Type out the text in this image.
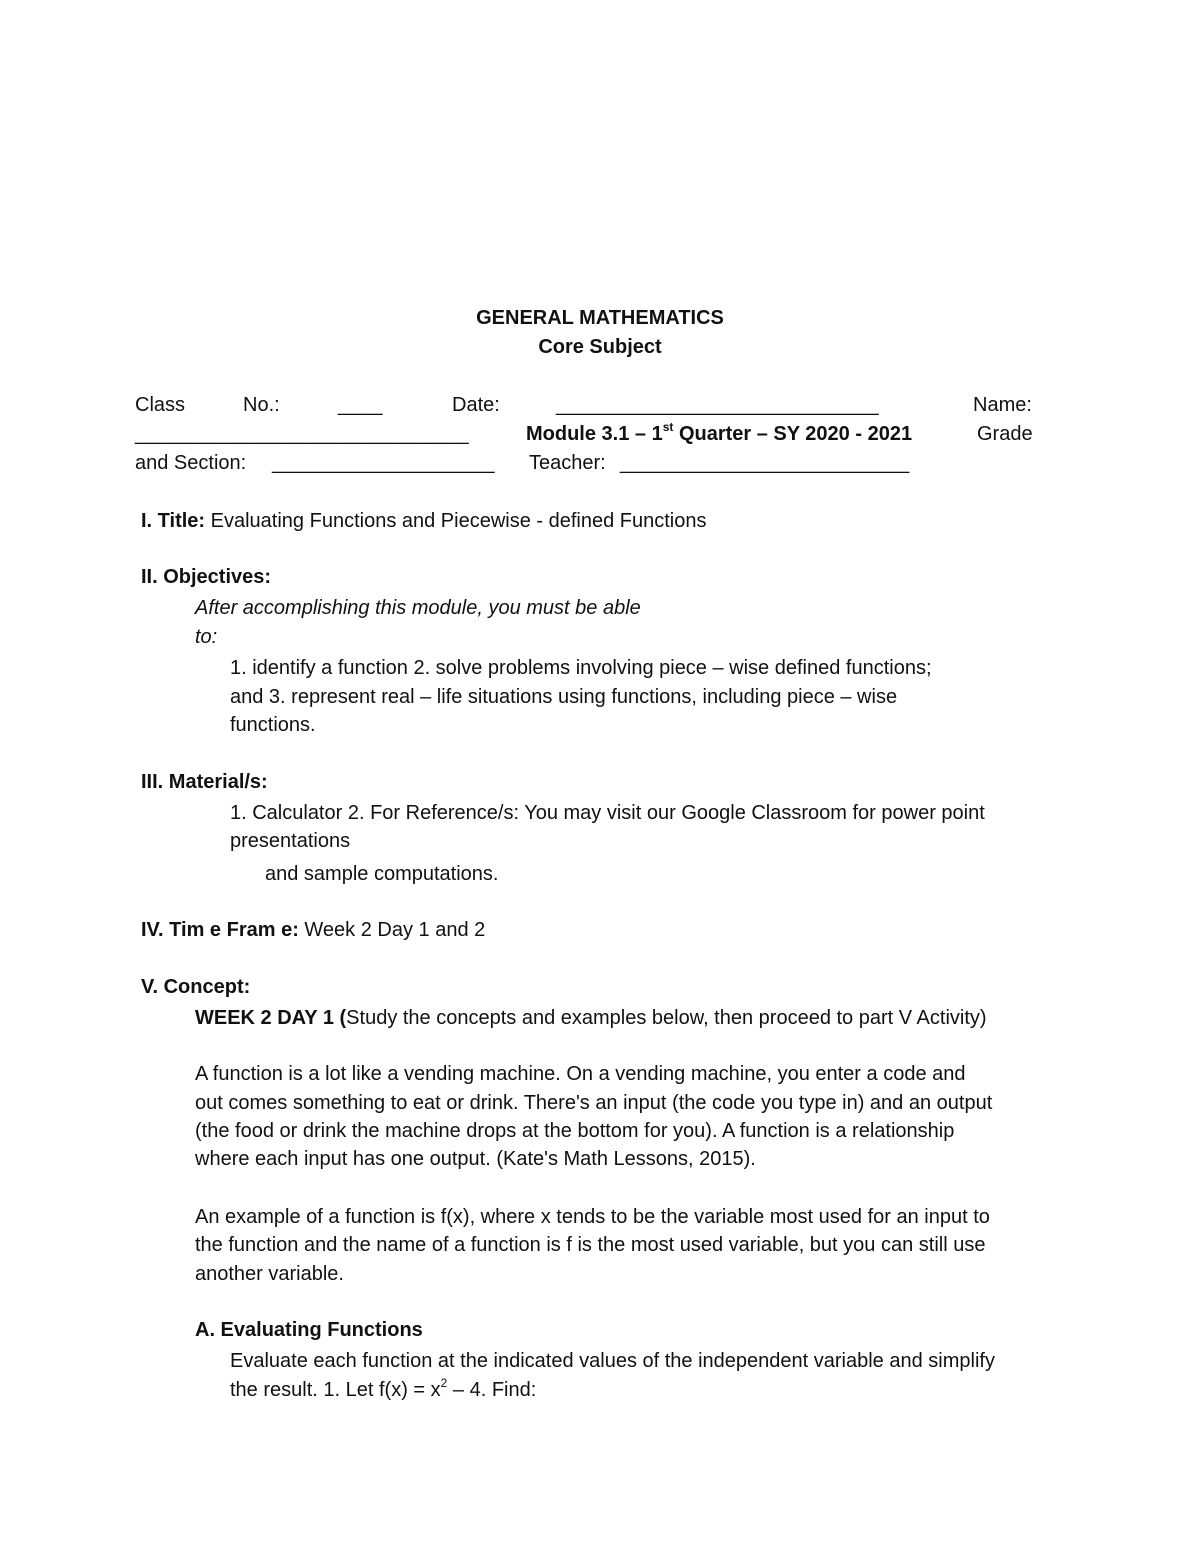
GENERAL MATHEMATICS
Core Subject
Class	No.:	____	Date:	_____________________________	Name:
______________________________	Module 3.1 – 1st Quarter – SY 2020 - 2021	Grade
and Section: ____________________ Teacher: __________________________
I. Title: Evaluating Functions and Piecewise - defined Functions
II. Objectives:
After accomplishing this module, you must be able
to:
1. identify a function 2. solve problems involving piece – wise defined functions;
and 3. represent real – life situations using functions, including piece – wise
functions.
III. Material/s:
1. Calculator 2. For Reference/s: You may visit our Google Classroom for power point
presentations
and sample computations.
IV. Tim e Fram e: Week 2 Day 1 and 2
V. Concept:
WEEK 2 DAY 1 (Study the concepts and examples below, then proceed to part V Activity)
A function is a lot like a vending machine. On a vending machine, you enter a code and
out comes something to eat or drink. There's an input (the code you type in) and an output
(the food or drink the machine drops at the bottom for you). A function is a relationship
where each input has one output. (Kate's Math Lessons, 2015).
An example of a function is f(x), where x tends to be the variable most used for an input to
the function and the name of a function is f is the most used variable, but you can still use
another variable.
A. Evaluating Functions
Evaluate each function at the indicated values of the independent variable and simplify
the result. 1. Let $f(x) = x^2 - 4$. Find:
